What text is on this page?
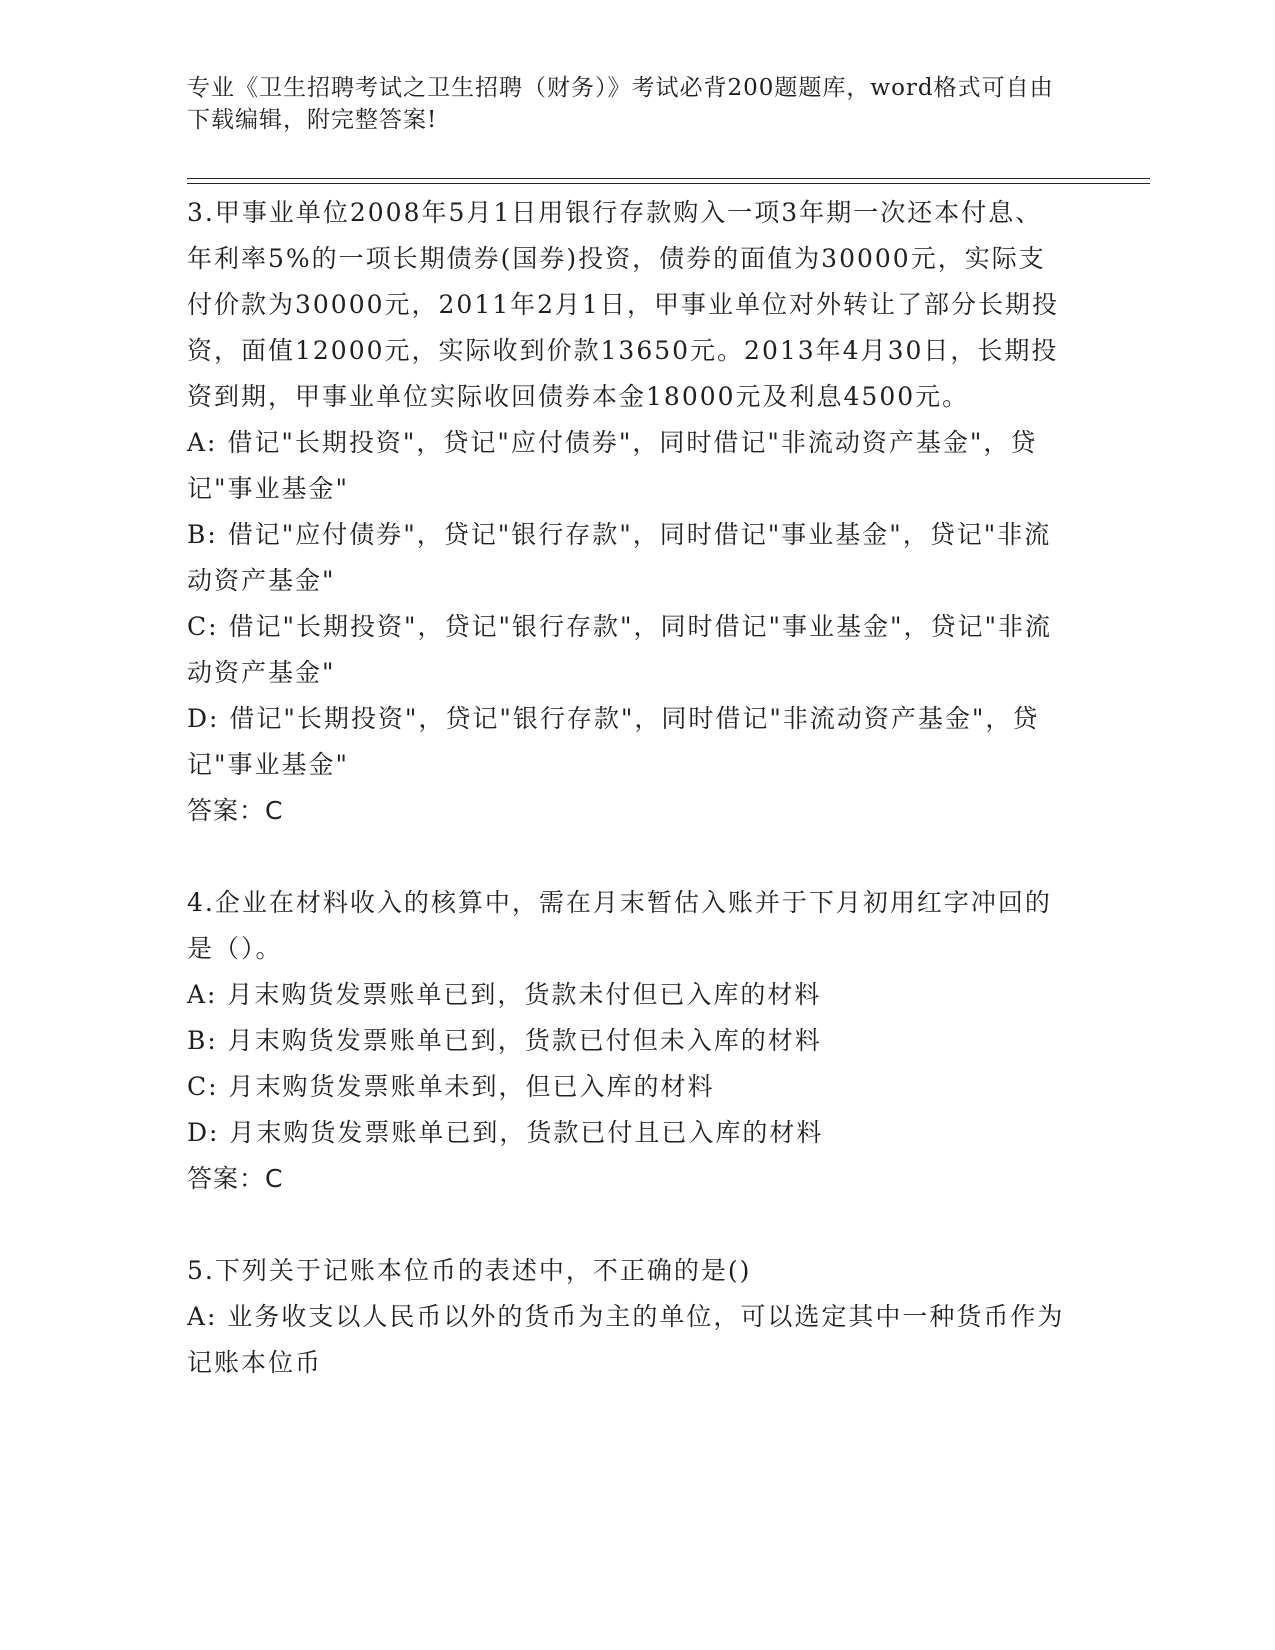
专业《卫生招聘考试之卫生招聘（财务）》考试必背200题题库，word格式可自由下载编辑，附完整答案!

3.甲事业单位2008年5月1日用银行存款购入一项3年期一次还本付息、年利率5%的一项长期债券(国券)投资，债券的面值为30000元，实际支付价款为30000元，2011年2月1日，甲事业单位对外转让了部分长期投资，面值12000元，实际收到价款13650元。2013年4月30日，长期投资到期，甲事业单位实际收回债券本金18000元及利息4500元。

A: 借记"长期投资"，贷记"应付债券"，同时借记"非流动资产基金"，贷记"事业基金"

B: 借记"应付债券"，贷记"银行存款"，同时借记"事业基金"，贷记"非流动资产基金"

C: 借记"长期投资"，贷记"银行存款"，同时借记"事业基金"，贷记"非流动资产基金"

D: 借记"长期投资"，贷记"银行存款"，同时借记"非流动资产基金"，贷记"事业基金"

答案：C

4.企业在材料收入的核算中，需在月末暂估入账并于下月初用红字冲回的是（）。

A: 月末购货发票账单已到，货款未付但已入库的材料

B: 月末购货发票账单已到，货款已付但未入库的材料

C: 月末购货发票账单未到，但已入库的材料

D: 月末购货发票账单已到，货款已付且已入库的材料

答案：C

5.下列关于记账本位币的表述中，不正确的是()

A: 业务收支以人民币以外的货币为主的单位，可以选定其中一种货币作为记账本位币
